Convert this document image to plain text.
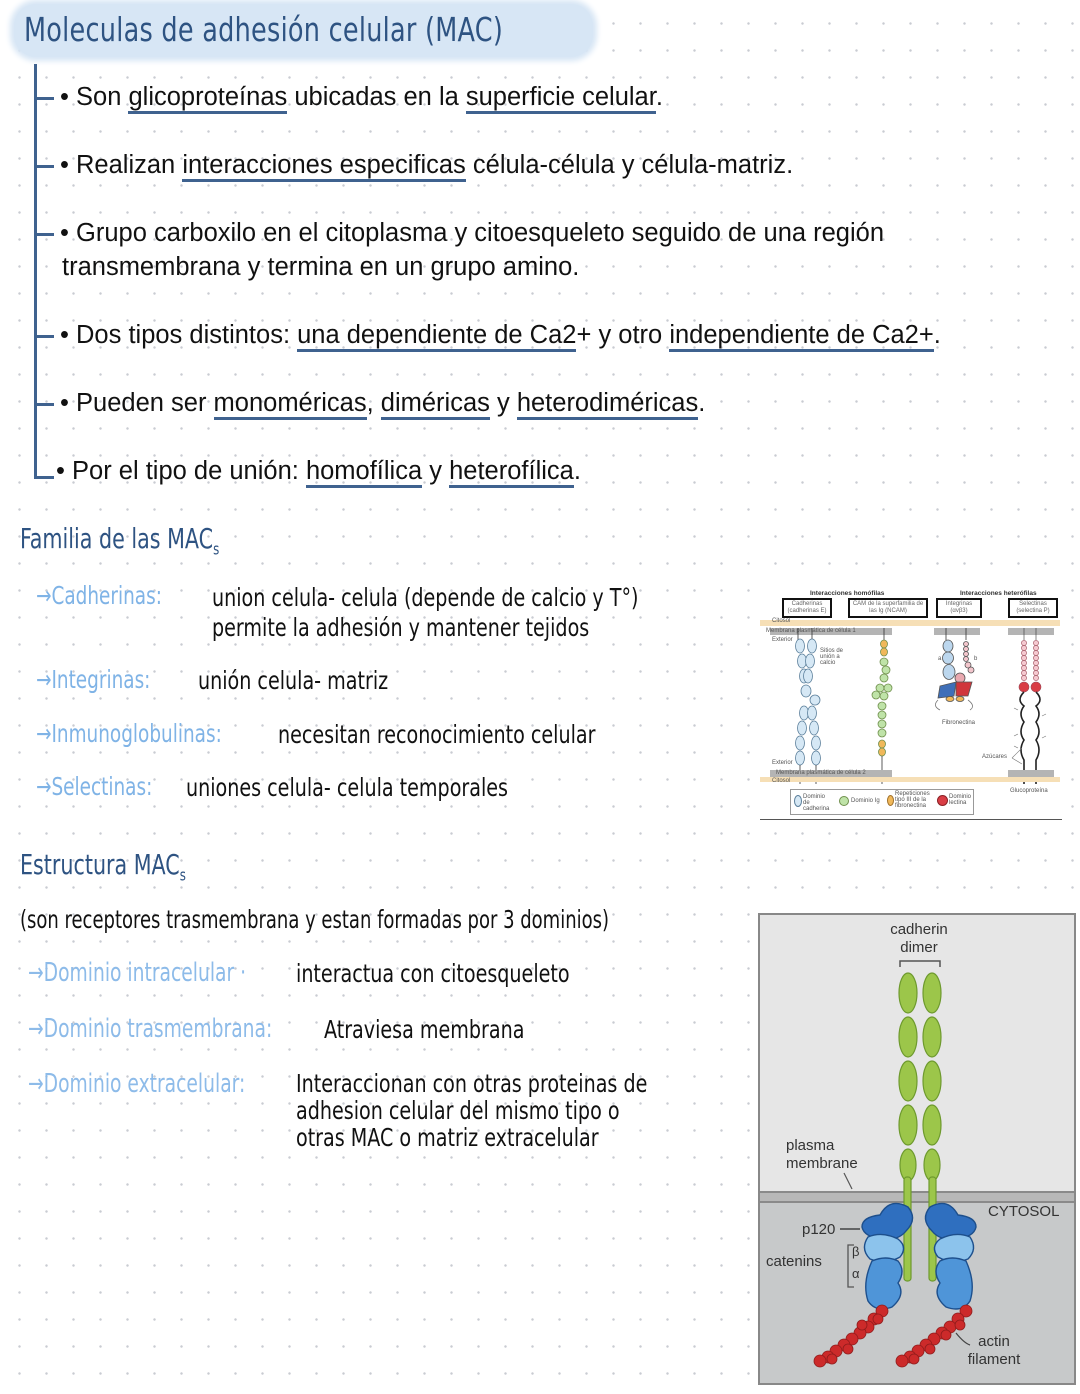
Moleculas de adhesión celular (MAC)
• Son glicoproteínas ubicadas en la superficie celular.
• Realizan interacciones especificas célula-célula y célula-matriz.
• Grupo carboxilo en el citoplasma y citoesqueleto seguido de una región
transmembrana y termina en un grupo amino.
• Dos tipos distintos: una dependiente de Ca2+ y otro independiente de Ca2+.
• Pueden ser monoméricas, diméricas y heterodiméricas.
• Por el tipo de unión: homofílica y heterofílica.
Familia de las $MAC_s$
→Cadherinas:	union celula- celula (depende de calcio y T°)
permite la adhesión y mantener tejidos
→Integrinas:	unión celula- matriz
→Inmunoglobulinas:	necesitan reconocimiento celular
→Selectinas:	uniones celula- celula temporales
Interacciones homófilas	Interacciones heterófilas
Cadherinas (cadherinas E)
CAM de la superfamilia de las Ig (NCAM)
Integrinas (αvβ3)
Selectinas (selectina P)
Citosol
Membrana plasmática de célula 1
Exterior
Sitios de unión a calcio
a	b
Fibronectina
Azúcares
Exterior
Membrana plasmática de célula 2
Citosol
Glucoproteína
Dominio de cadherina
Dominio Ig
Repeticiones tipo III de la fibronectina
Dominio lectina
Estructura $MAC_s$
(son receptores trasmembrana y estan formadas por 3 dominios)
→Dominio intracelular ·	interactua con citoesqueleto
→Dominio trasmembrana:	Atraviesa membrana
→Dominio extracelular:	Interaccionan con otras proteinas de
adhesion celular del mismo tipo o
otras MAC o matriz extracelular
cadherin dimer
plasma membrane
CYTOSOL
p120
catenins
β
α
actin filament
